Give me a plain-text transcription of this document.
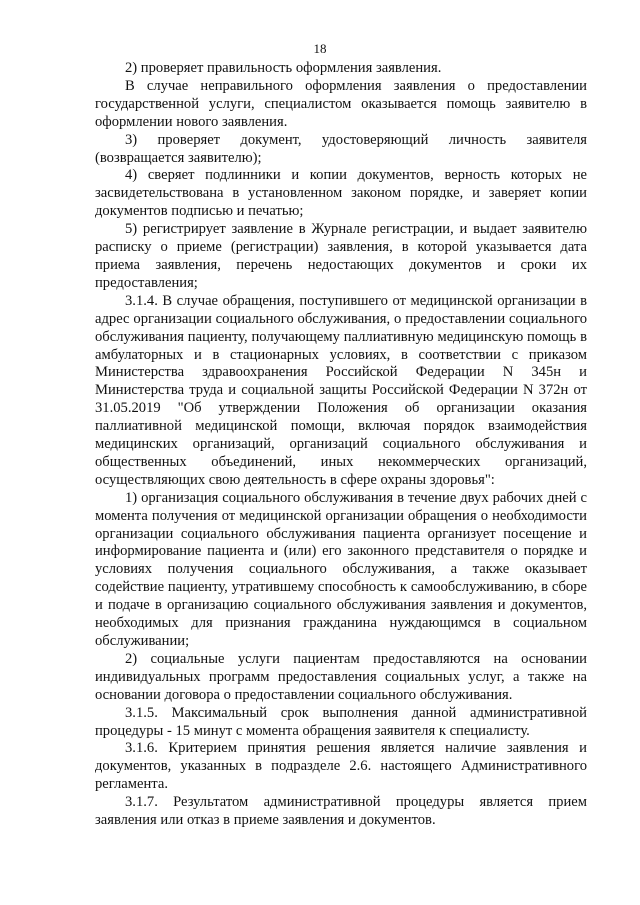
18

2) проверяет правильность оформления заявления.

В случае неправильного оформления заявления о предоставлении государственной услуги, специалистом оказывается помощь заявителю в оформлении нового заявления.

3) проверяет документ, удостоверяющий личность заявителя (возвращается заявителю);

4) сверяет подлинники и копии документов, верность которых не засвидетельствована в установленном законом порядке, и заверяет копии документов подписью и печатью;

5) регистрирует заявление в Журнале регистрации, и выдает заявителю расписку о приеме (регистрации) заявления, в которой указывается дата приема заявления, перечень недостающих документов и сроки их предоставления;

3.1.4. В случае обращения, поступившего от медицинской организации в адрес организации социального обслуживания, о предоставлении социального обслуживания пациенту, получающему паллиативную медицинскую помощь в амбулаторных и в стационарных условиях, в соответствии с приказом Министерства здравоохранения Российской Федерации N 345н и Министерства труда и социальной защиты Российской Федерации N 372н от 31.05.2019 "Об утверждении Положения об организации оказания паллиативной медицинской помощи, включая порядок взаимодействия медицинских организаций, организаций социального обслуживания и общественных объединений, иных некоммерческих организаций, осуществляющих свою деятельность в сфере охраны здоровья":

1) организация социального обслуживания в течение двух рабочих дней с момента получения от медицинской организации обращения о необходимости организации социального обслуживания пациента организует посещение и информирование пациента и (или) его законного представителя о порядке и условиях получения социального обслуживания, а также оказывает содействие пациенту, утратившему способность к самообслуживанию, в сборе и подаче в организацию социального обслуживания заявления и документов, необходимых для признания гражданина нуждающимся в социальном обслуживании;

2) социальные услуги пациентам предоставляются на основании индивидуальных программ предоставления социальных услуг, а также на основании договора о предоставлении социального обслуживания.

3.1.5. Максимальный срок выполнения данной административной процедуры - 15 минут с момента обращения заявителя к специалисту.

3.1.6. Критерием принятия решения является наличие заявления и документов, указанных в подразделе 2.6. настоящего Административного регламента.

3.1.7. Результатом административной процедуры является прием заявления или отказ в приеме заявления и документов.
